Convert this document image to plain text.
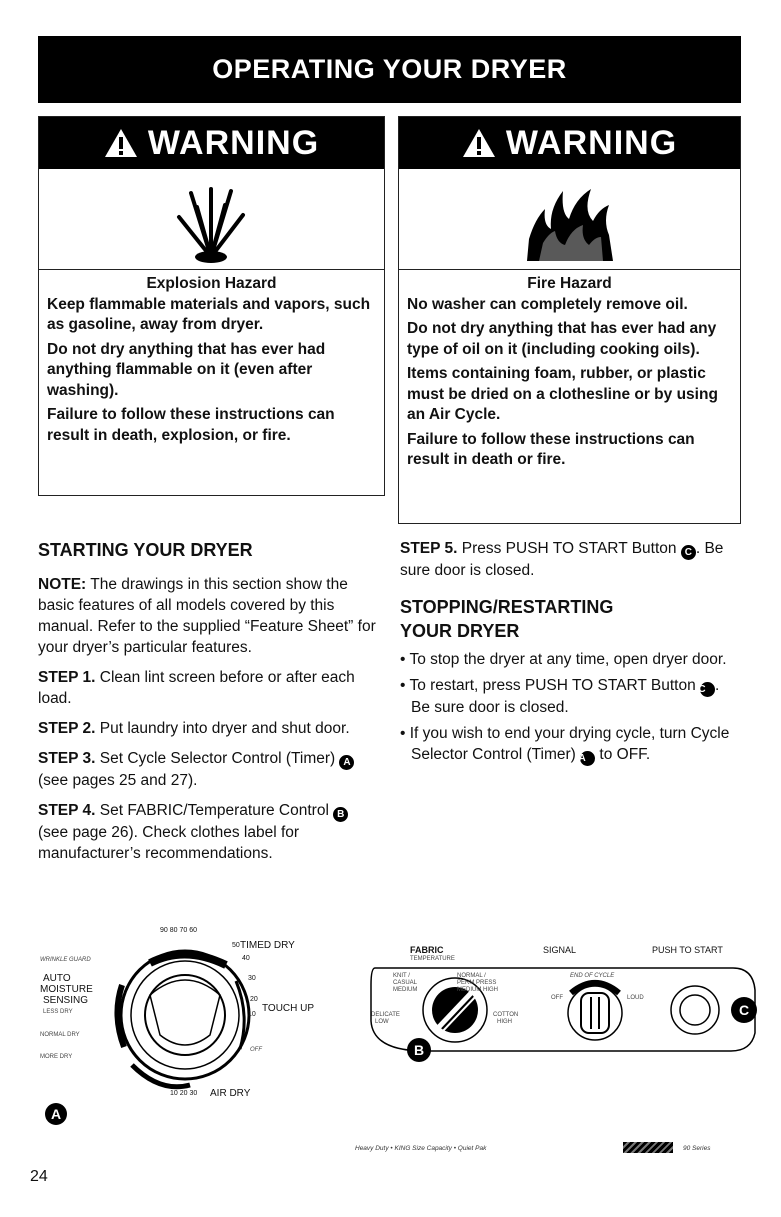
OPERATING YOUR DRYER
WARNING
Explosion Hazard

Keep flammable materials and vapors, such as gasoline, away from dryer.

Do not dry anything that has ever had anything flammable on it (even after washing).

Failure to follow these instructions can result in death, explosion, or fire.

WARNING
Fire Hazard

No washer can completely remove oil.

Do not dry anything that has ever had any type of oil on it (including cooking oils).

Items containing foam, rubber, or plastic must be dried on a clothesline or by using an Air Cycle.

Failure to follow these instructions can result in death or fire.

STARTING YOUR DRYER

NOTE: The drawings in this section show the basic features of all models covered by this manual. Refer to the supplied “Feature Sheet” for your dryer’s particular features.

STEP 1. Clean lint screen before or after each load.

STEP 2. Put laundry into dryer and shut door.

STEP 3. Set Cycle Selector Control (Timer) A (see pages 25 and 27).

STEP 4. Set FABRIC/Temperature Control B (see page 26). Check clothes label for manufacturer’s recommendations.

STEP 5. Press PUSH TO START Button C . Be sure door is closed.

STOPPING/RESTARTING
YOUR DRYER
• To stop the dryer at any time, open dryer door.
• To restart, press PUSH TO START Button C . Be sure door is closed.
• If you wish to end your drying cycle, turn Cycle Selector Control (Timer) A to OFF.
90 80 70 60
50 TIMED DRY
40
30
20
TOUCH UP
10
OFF
WRINKLE GUARD
AUTO
MOISTURE
SENSING
LESS DRY
NORMAL DRY
MORE DRY
10 20 30 AIR DRY
A
FABRIC
TEMPERATURE
SIGNAL	PUSH TO START
KNIT /
CASUAL
MEDIUM
NORMAL /
PERM PRESS
MEDIUM HIGH
DELICATE
LOW
COTTON
HIGH
END OF CYCLE
OFF	LOUD
B
C
Heavy Duty • KING Size Capacity • Quiet Pak	90 Series
24
